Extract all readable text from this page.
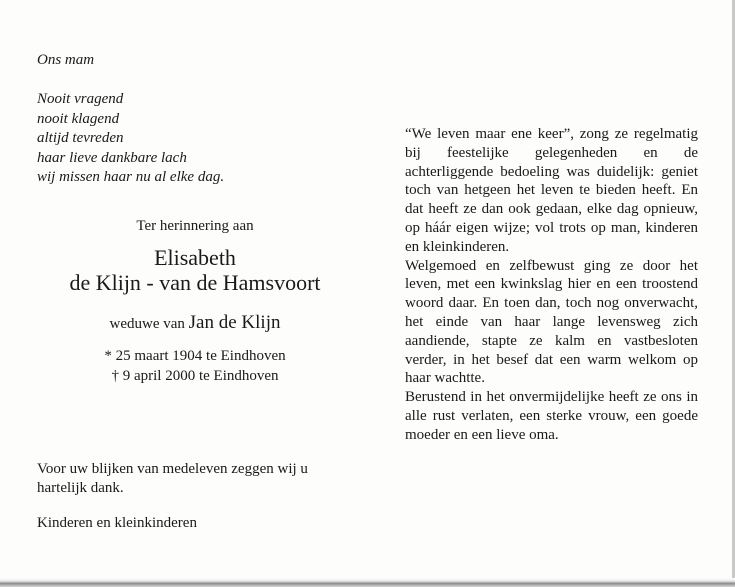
Ons mam
Nooit vragend
nooit klagend
altijd tevreden
haar lieve dankbare lach
wij missen haar nu al elke dag.
Ter herinnering aan
Elisabeth
de Klijn - van de Hamsvoort
weduwe van Jan de Klijn
* 25 maart 1904 te Eindhoven
† 9 april 2000 te Eindhoven
Voor uw blijken van medeleven zeggen wij u hartelijk dank.
Kinderen en kleinkinderen

“We leven maar ene keer”, zong ze regelmatig bij feestelijke gelegenheden en de achterliggende bedoeling was duidelijk: geniet toch van hetgeen het leven te bieden heeft. En dat heeft ze dan ook gedaan, elke dag opnieuw, op háár eigen wijze; vol trots op man, kinderen en kleinkinderen.

Welgemoed en zelfbewust ging ze door het leven, met een kwinkslag hier en een troostend woord daar. En toen dan, toch nog onverwacht, het einde van haar lange levensweg zich aandiende, stapte ze kalm en vastbesloten verder, in het besef dat een warm welkom op haar wachtte.

Berustend in het onvermijdelijke heeft ze ons in alle rust verlaten, een sterke vrouw, een goede moeder en een lieve oma.
